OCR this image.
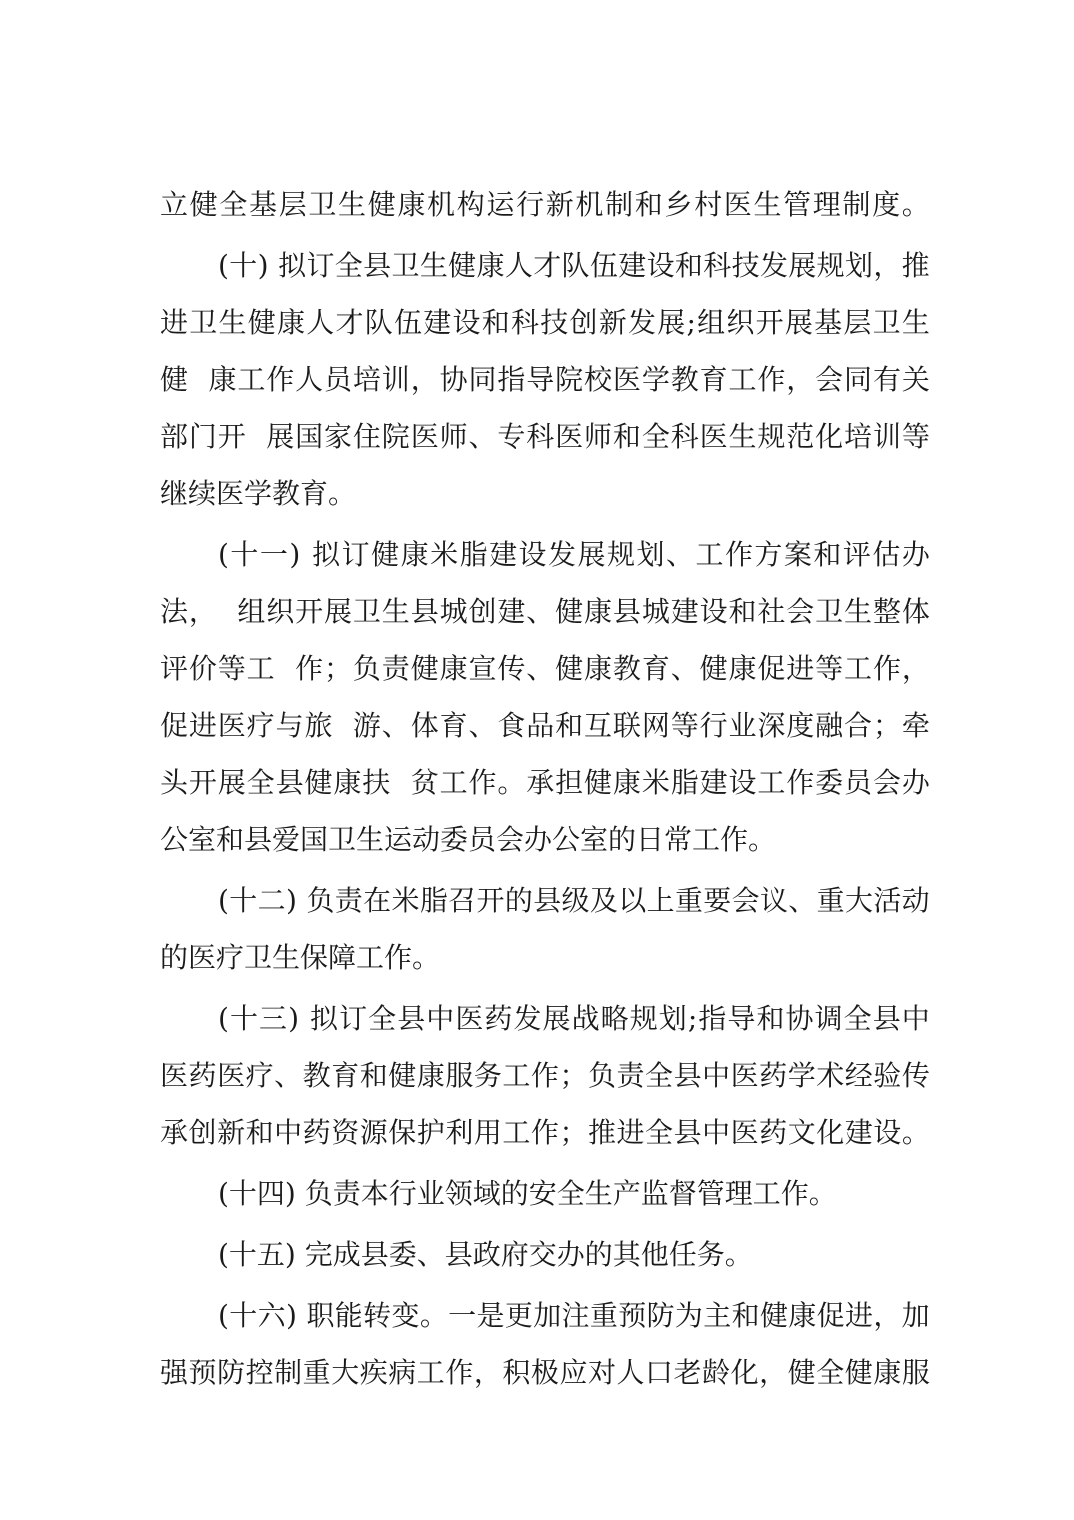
立 健 全 基 层 卫 生 健 康 机 构 运 行 新 机 制 和 乡 村 医 生 管 理 制 度 。
( 十 )
拟 订 全 县 卫 生 健 康 人 才 队 伍 建 设 和 科 技 发 展 规 划 ， 推
进 卫 生 健 康 人 才 队 伍 建 设 和 科 技 创 新 发 展 ; 组 织 开 展 基 层 卫 生
健

康 工 作 人 员 培 训 ， 协 同 指 导 院 校 医 学 教 育 工 作 ， 会 同 有 关
部 门 开

展 国 家 住 院 医 师 、 专 科 医 师 和 全 科 医 生 规 范 化 培 训 等
继续医学教育。
( 十 一 )
拟 订 健 康 米 脂 建 设 发 展 规 划 、 工 作 方 案 和 评 估 办
法 ，

组 织 开 展 卫 生 县 城 创 建 、 健 康 县 城 建 设 和 社 会 卫 生 整 体
评 价 等 工

作 ； 负 责 健 康 宣 传 、 健 康 教 育 、 健 康 促 进 等 工 作 ，
促 进 医 疗 与 旅

游 、 体 育 、 食 品 和 互 联 网 等 行 业 深 度 融 合 ； 牵
头 开 展 全 县 健 康 扶

贫 工 作 。 承 担 健 康 米 脂 建 设 工 作 委 员 会 办
公室和县爱国卫生运动委员会办公室的日常工作。
( 十 二 )
负 责 在 米 脂 召 开 的 县 级 及 以 上 重 要 会 议 、 重 大 活 动
的医疗卫生保障工作。
( 十 三 )
拟 订 全 县 中 医 药 发 展 战 略 规 划 ; 指 导 和 协 调 全 县 中
医 药 医 疗 、 教 育 和 健 康 服 务 工 作 ； 负 责 全 县 中 医 药 学 术 经 验 传
承 创 新 和 中 药 资 源 保 护 利 用 工 作 ； 推 进 全 县 中 医 药 文 化 建 设 。
(十四) 负责本行业领域的安全生产监督管理工作。
(十五) 完成县委、县政府交办的其他任务。
( 十 六 )
职 能 转 变 。 一 是 更 加 注 重 预 防 为 主 和 健 康 促 进 ， 加
强 预 防 控 制 重 大 疾 病 工 作 ， 积 极 应 对 人 口 老 龄 化 ， 健 全 健 康 服
